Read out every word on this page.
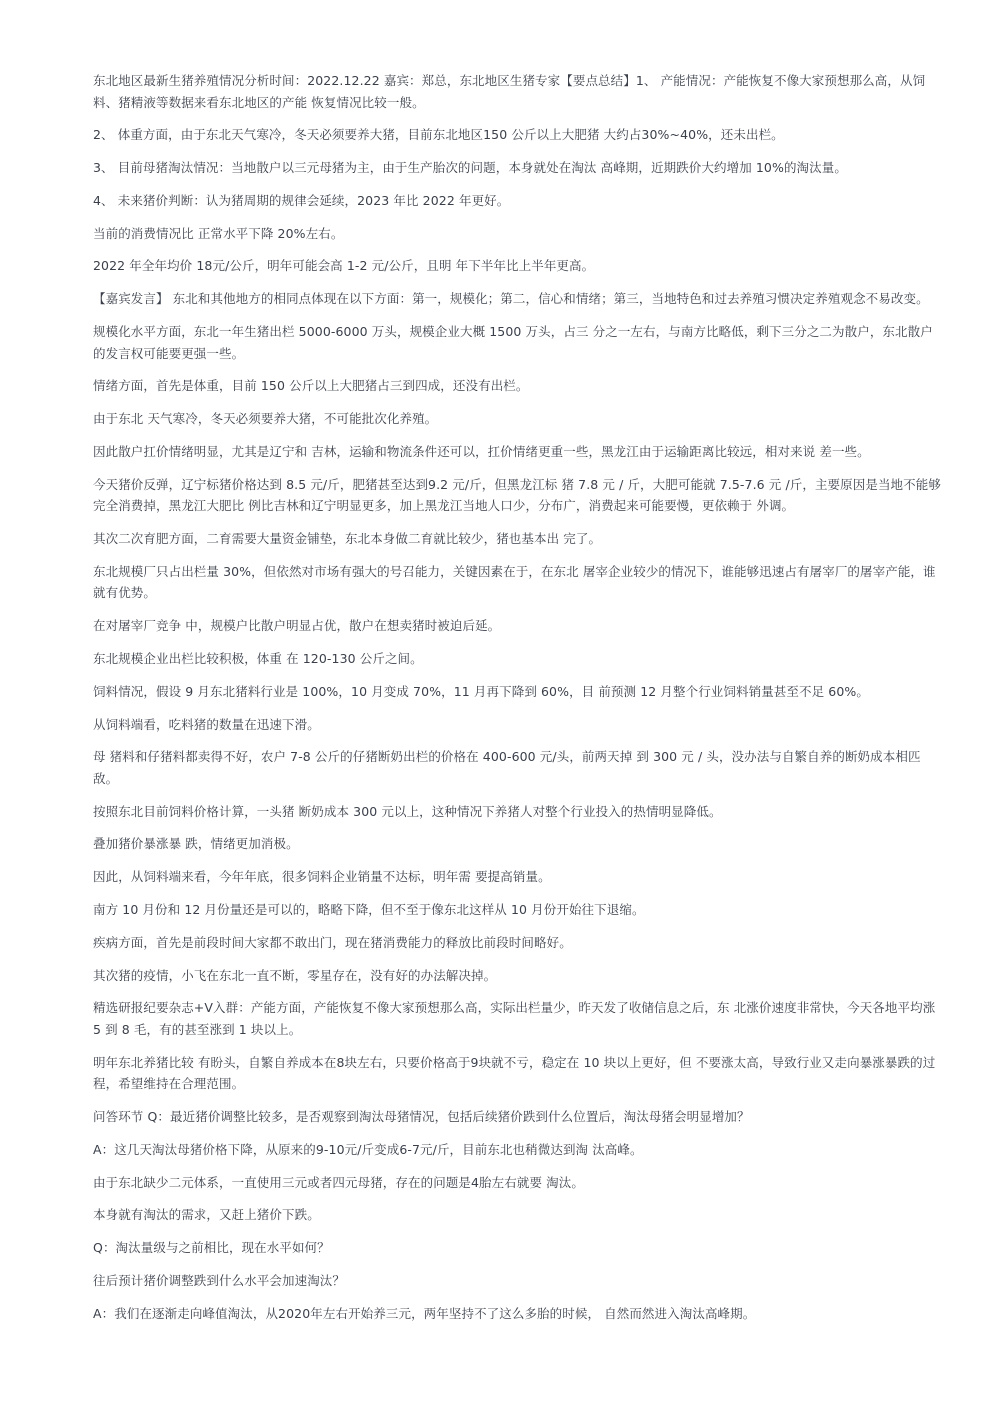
东北地区最新生猪养殖情况分析时间：2022.12.22 嘉宾：郑总，东北地区生猪专家【要点总结】1、 产能情况：产能恢复不像大家预想那么高，从饲料、猪精液等数据来看东北地区的产能 恢复情况比较一般。

2、 体重方面，由于东北天气寒冷，冬天必须要养大猪，目前东北地区150 公斤以上大肥猪 大约占30%~40%，还未出栏。

3、 目前母猪淘汰情况：当地散户以三元母猪为主，由于生产胎次的问题，本身就处在淘汰 高峰期，近期跌价大约增加 10%的淘汰量。

4、 未来猪价判断：认为猪周期的规律会延续，2023 年比 2022 年更好。

当前的消费情况比 正常水平下降 20%左右。

2022 年全年均价 18元/公斤，明年可能会高 1-2 元/公斤，且明 年下半年比上半年更高。

【嘉宾发言】 东北和其他地方的相同点体现在以下方面：第一，规模化；第二，信心和情绪；第三，当地特色和过去养殖习惯决定养殖观念不易改变。

规模化水平方面，东北一年生猪出栏 5000-6000 万头，规模企业大概 1500 万头，占三 分之一左右，与南方比略低，剩下三分之二为散户，东北散户的发言权可能要更强一些。

情绪方面，首先是体重，目前 150 公斤以上大肥猪占三到四成，还没有出栏。

由于东北 天气寒冷，冬天必须要养大猪，不可能批次化养殖。

因此散户扛价情绪明显，尤其是辽宁和 吉林，运输和物流条件还可以，扛价情绪更重一些，黑龙江由于运输距离比较远，相对来说 差一些。

今天猪价反弹，辽宁标猪价格达到 8.5 元/斤，肥猪甚至达到9.2 元/斤，但黑龙江标 猪 7.8 元 / 斤，大肥可能就 7.5-7.6 元 /斤，主要原因是当地不能够完全消费掉，黑龙江大肥比 例比吉林和辽宁明显更多，加上黑龙江当地人口少，分布广，消费起来可能要慢，更依赖于 外调。

其次二次育肥方面，二育需要大量资金铺垫，东北本身做二育就比较少，猪也基本出 完了。

东北规模厂只占出栏量 30%，但依然对市场有强大的号召能力，关键因素在于，在东北 屠宰企业较少的情况下，谁能够迅速占有屠宰厂的屠宰产能，谁就有优势。

在对屠宰厂竞争 中，规模户比散户明显占优，散户在想卖猪时被迫后延。

东北规模企业出栏比较积极，体重 在 120-130 公斤之间。

饲料情况，假设 9 月东北猪料行业是 100%，10 月变成 70%，11 月再下降到 60%，目 前预测 12 月整个行业饲料销量甚至不足 60%。

从饲料端看，吃料猪的数量在迅速下滑。

母 猪料和仔猪料都卖得不好，农户 7-8 公斤的仔猪断奶出栏的价格在 400-600 元/头，前两天掉 到 300 元 / 头，没办法与自繁自养的断奶成本相匹敌。

按照东北目前饲料价格计算，一头猪 断奶成本 300 元以上，这种情况下养猪人对整个行业投入的热情明显降低。

叠加猪价暴涨暴 跌，情绪更加消极。

因此，从饲料端来看，今年年底，很多饲料企业销量不达标，明年需 要提高销量。

南方 10 月份和 12 月份量还是可以的，略略下降，但不至于像东北这样从 10 月份开始往下退缩。

疾病方面，首先是前段时间大家都不敢出门，现在猪消费能力的释放比前段时间略好。

其次猪的疫情，小飞在东北一直不断，零星存在，没有好的办法解决掉。

精选研报纪要杂志+V入群：产能方面，产能恢复不像大家预想那么高，实际出栏量少，昨天发了收储信息之后，东 北涨价速度非常快，今天各地平均涨 5 到 8 毛，有的甚至涨到 1 块以上。

明年东北养猪比较 有盼头，自繁自养成本在8块左右，只要价格高于9块就不亏，稳定在 10 块以上更好，但 不要涨太高，导致行业又走向暴涨暴跌的过程，希望维持在合理范围。

问答环节 Q：最近猪价调整比较多，是否观察到淘汰母猪情况，包括后续猪价跌到什么位置后，淘汰母猪会明显增加？

A：这几天淘汰母猪价格下降，从原来的9-10元/斤变成6-7元/斤，目前东北也稍微达到淘 汰高峰。

由于东北缺少二元体系，一直使用三元或者四元母猪，存在的问题是4胎左右就要 淘汰。

本身就有淘汰的需求，又赶上猪价下跌。

Q：淘汰量级与之前相比，现在水平如何？

往后预计猪价调整跌到什么水平会加速淘汰？

A：我们在逐渐走向峰值淘汰，从2020年左右开始养三元，两年坚持不了这么多胎的时候， 自然而然进入淘汰高峰期。
